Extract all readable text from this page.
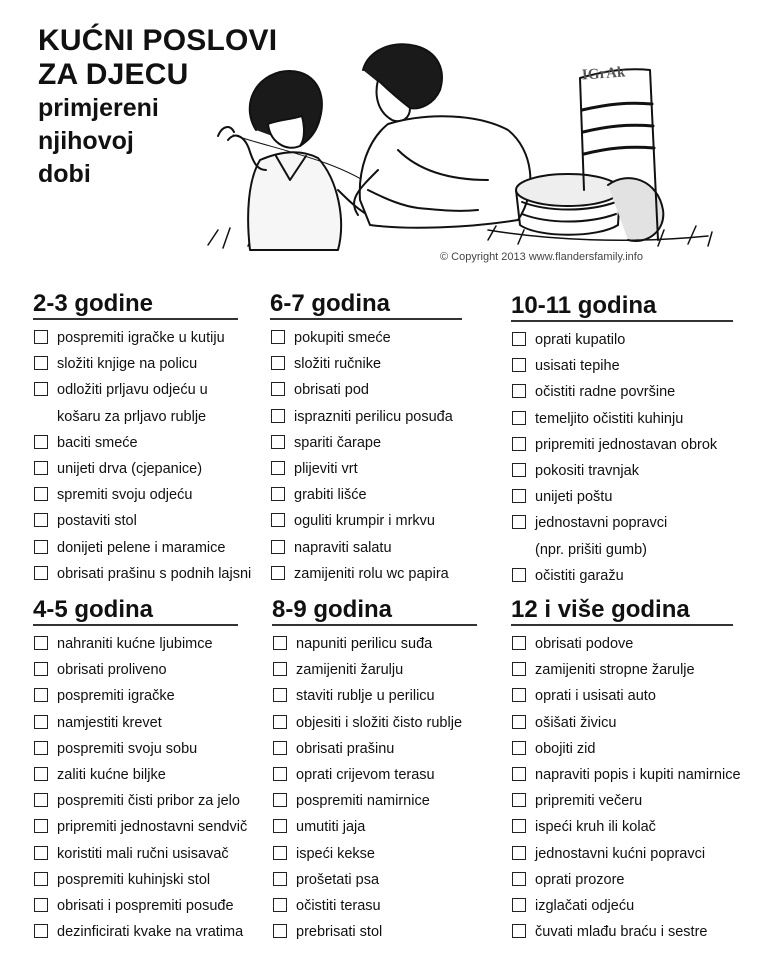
KUĆNI POSLOVI
ZA DJECU
primjereni
njihovoj
dobi
IGrAk
© Copyright 2013 www.flandersfamily.info
2-3 godine
pospremiti igračke u kutiju
složiti knjige na policu
odložiti prljavu odjeću u
košaru za prljavo rublje
baciti smeće
unijeti drva (cjepanice)
spremiti svoju odjeću
postaviti stol
donijeti pelene i maramice
obrisati prašinu s podnih lajsni
6-7 godina
pokupiti smeće
složiti ručnike
obrisati pod
isprazniti perilicu posuđa
spariti čarape
plijeviti vrt
grabiti lišće
oguliti krumpir i mrkvu
napraviti salatu
zamijeniti rolu wc papira
10-11 godina
oprati kupatilo
usisati tepihe
očistiti radne površine
temeljito očistiti kuhinju
pripremiti jednostavan obrok
pokositi travnjak
unijeti poštu
jednostavni popravci
(npr. prišiti gumb)
očistiti garažu
4-5 godina
nahraniti kućne ljubimce
obrisati proliveno
pospremiti igračke
namjestiti krevet
pospremiti svoju sobu
zaliti kućne biljke
pospremiti čisti pribor za jelo
pripremiti jednostavni sendvič
koristiti mali ručni usisavač
pospremiti kuhinjski stol
obrisati i pospremiti posuđe
dezinficirati kvake na vratima
8-9 godina
napuniti perilicu suđa
zamijeniti žarulju
staviti rublje u perilicu
objesiti i složiti čisto rublje
obrisati prašinu
oprati crijevom terasu
pospremiti namirnice
umutiti jaja
ispeći kekse
prošetati psa
očistiti terasu
prebrisati stol
12 i više godina
obrisati podove
zamijeniti stropne žarulje
oprati i usisati auto
ošišati živicu
obojiti zid
napraviti popis i kupiti namirnice
pripremiti večeru
ispeći kruh ili kolač
jednostavni kućni popravci
oprati prozore
izglačati odjeću
čuvati mlađu braću i sestre
